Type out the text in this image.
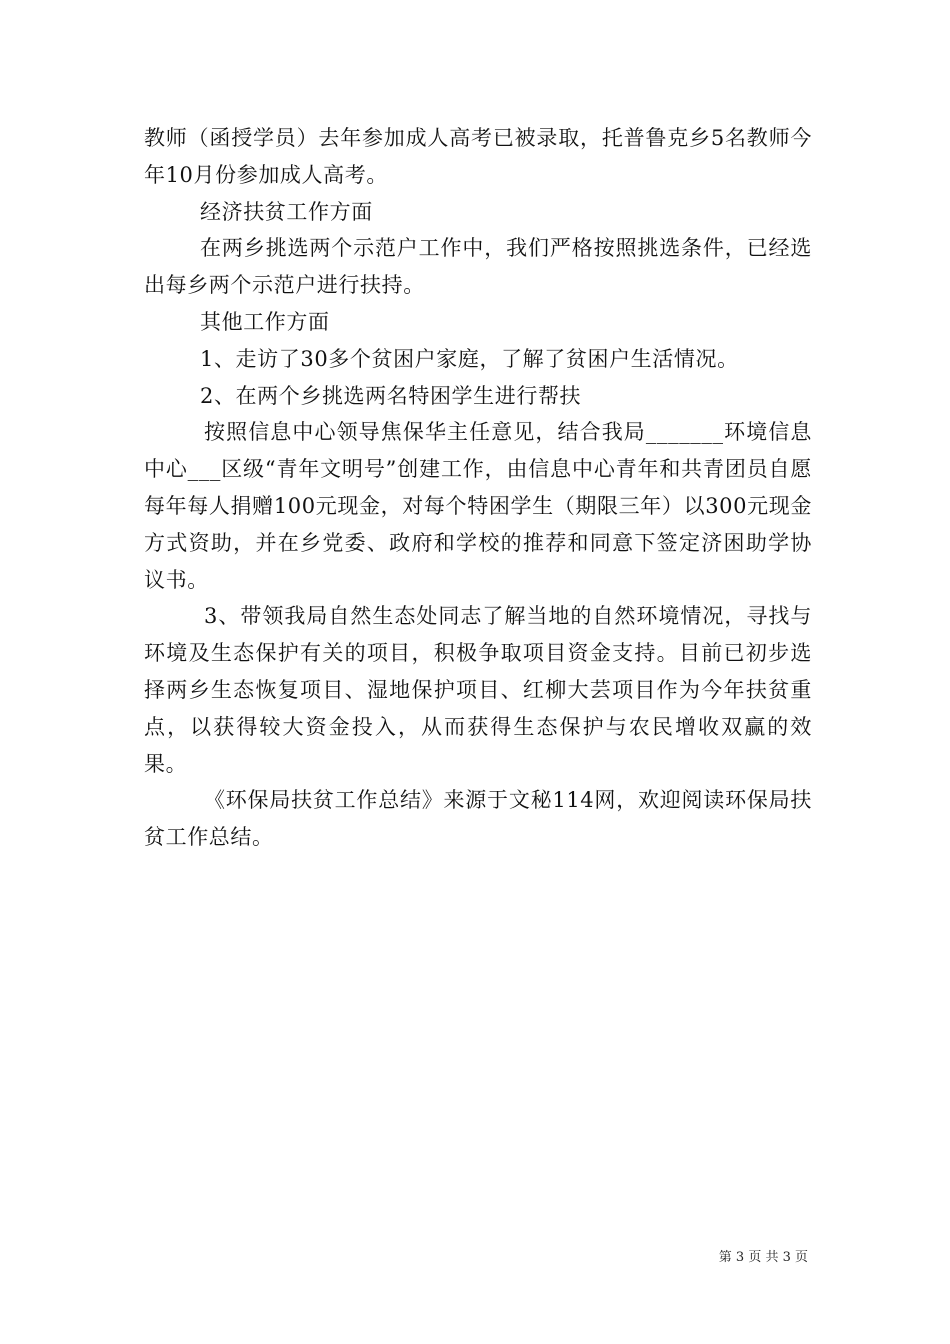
教师（函授学员）去年参加成人高考已被录取，托普鲁克乡5名教师今年10月份参加成人高考。

经济扶贫工作方面

在两乡挑选两个示范户工作中，我们严格按照挑选条件，已经选出每乡两个示范户进行扶持。

其他工作方面

1、走访了30多个贫困户家庭，了解了贫困户生活情况。

2、在两个乡挑选两名特困学生进行帮扶

按照信息中心领导焦保华主任意见，结合我局_______环境信息中心___区级“青年文明号”创建工作，由信息中心青年和共青团员自愿每年每人捐赠100元现金，对每个特困学生（期限三年）以300元现金方式资助，并在乡党委、政府和学校的推荐和同意下签定济困助学协议书。

3、带领我局自然生态处同志了解当地的自然环境情况，寻找与环境及生态保护有关的项目，积极争取项目资金支持。目前已初步选择两乡生态恢复项目、湿地保护项目、红柳大芸项目作为今年扶贫重点，以获得较大资金投入，从而获得生态保护与农民增收双赢的效果。

《环保局扶贫工作总结》来源于文秘114网，欢迎阅读环保局扶贫工作总结。

第 3 页 共 3 页
